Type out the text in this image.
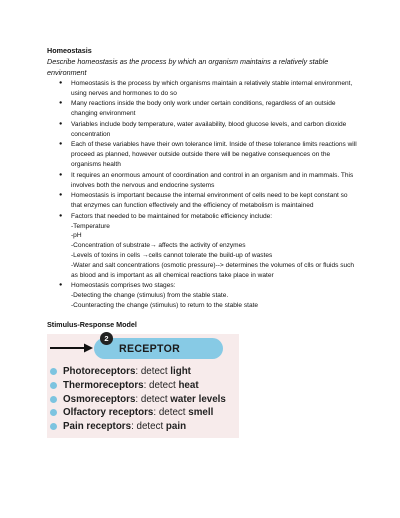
Homeostasis
Describe homeostasis as the process by which an organism maintains a relatively stable environment
● Homeostasis is the process by which organisms maintain a relatively stable internal environment, using nerves and hormones to do so
● Many reactions inside the body only work under certain conditions, regardless of an outside changing environment
● Variables include body temperature, water availability, blood glucose levels, and carbon dioxide concentration
● Each of these variables have their own tolerance limit. Inside of these tolerance limits reactions will proceed as planned, however outside outside there will be negative consequences on the organisms health
● It requires an enormous amount of coordination and control in an organism and in mammals. This involves both the nervous and endocrine systems
● Homeostasis is important because the internal environment of cells need to be kept constant so that enzymes can function effectively and the efficiency of metabolism is maintained
● Factors that needed to be maintained for metabolic efficiency include:
-Temperature
-pH
-Concentration of substrate→ affects the activity of enzymes
-Levels of toxins in cells →cells cannot tolerate the build-up of wastes
-Water and salt concentrations (osmotic pressure)--> determines the volumes of clls or fluids such as blood and is important as all chemical reactions take place in water
● Homeostasis comprises two stages:
-Detecting the change (stimulus) from the stable state.
-Counteracting the change (stimulus) to return to the stable state
Stimulus-Response Model
RECEPTOR
2
Photoreceptors: detect light
Thermoreceptors: detect heat
Osmoreceptors: detect water levels
Olfactory receptors: detect smell
Pain receptors: detect pain
